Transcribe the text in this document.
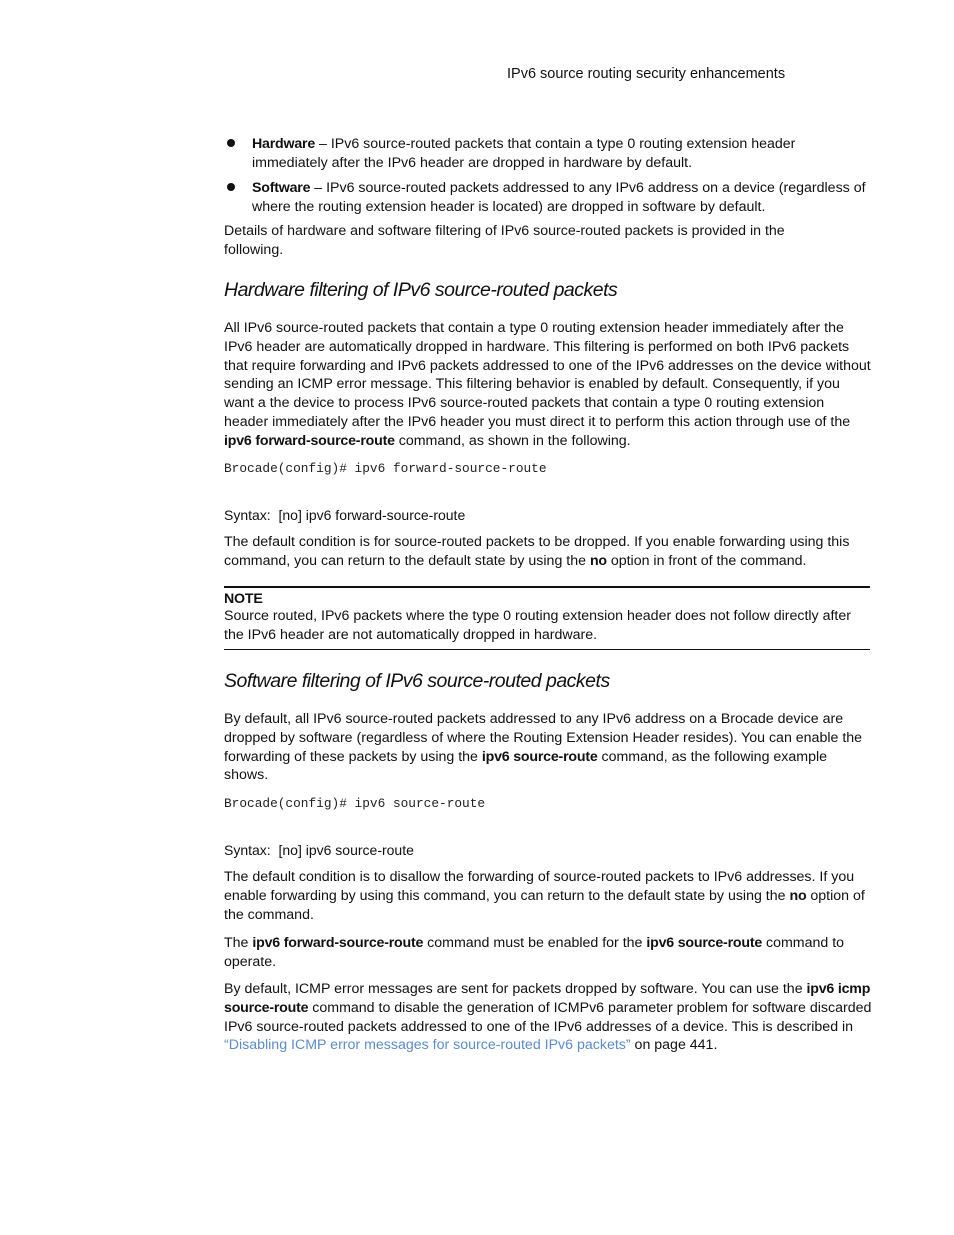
IPv6 source routing security enhancements
Hardware – IPv6 source-routed packets that contain a type 0 routing extension header immediately after the IPv6 header are dropped in hardware by default.
Software – IPv6 source-routed packets addressed to any IPv6 address on a device (regardless of where the routing extension header is located) are dropped in software by default.
Details of hardware and software filtering of IPv6 source-routed packets is provided in the following.
Hardware filtering of IPv6 source-routed packets
All IPv6 source-routed packets that contain a type 0 routing extension header immediately after the IPv6 header are automatically dropped in hardware. This filtering is performed on both IPv6 packets that require forwarding and IPv6 packets addressed to one of the IPv6 addresses on the device without sending an ICMP error message. This filtering behavior is enabled by default. Consequently, if you want a the device to process IPv6 source-routed packets that contain a type 0 routing extension header immediately after the IPv6 header you must direct it to perform this action through use of the ipv6 forward-source-route command, as shown in the following.
Brocade(config)# ipv6 forward-source-route
Syntax: [no] ipv6 forward-source-route
The default condition is for source-routed packets to be dropped. If you enable forwarding using this command, you can return to the default state by using the no option in front of the command.
NOTE
Source routed, IPv6 packets where the type 0 routing extension header does not follow directly after the IPv6 header are not automatically dropped in hardware.
Software filtering of IPv6 source-routed packets
By default, all IPv6 source-routed packets addressed to any IPv6 address on a Brocade device are dropped by software (regardless of where the Routing Extension Header resides). You can enable the forwarding of these packets by using the ipv6 source-route command, as the following example shows.
Brocade(config)# ipv6 source-route
Syntax: [no] ipv6 source-route
The default condition is to disallow the forwarding of source-routed packets to IPv6 addresses. If you enable forwarding by using this command, you can return to the default state by using the no option of the command.
The ipv6 forward-source-route command must be enabled for the ipv6 source-route command to operate.
By default, ICMP error messages are sent for packets dropped by software. You can use the ipv6 icmp source-route command to disable the generation of ICMPv6 parameter problem for software discarded IPv6 source-routed packets addressed to one of the IPv6 addresses of a device. This is described in “Disabling ICMP error messages for source-routed IPv6 packets” on page 441.
